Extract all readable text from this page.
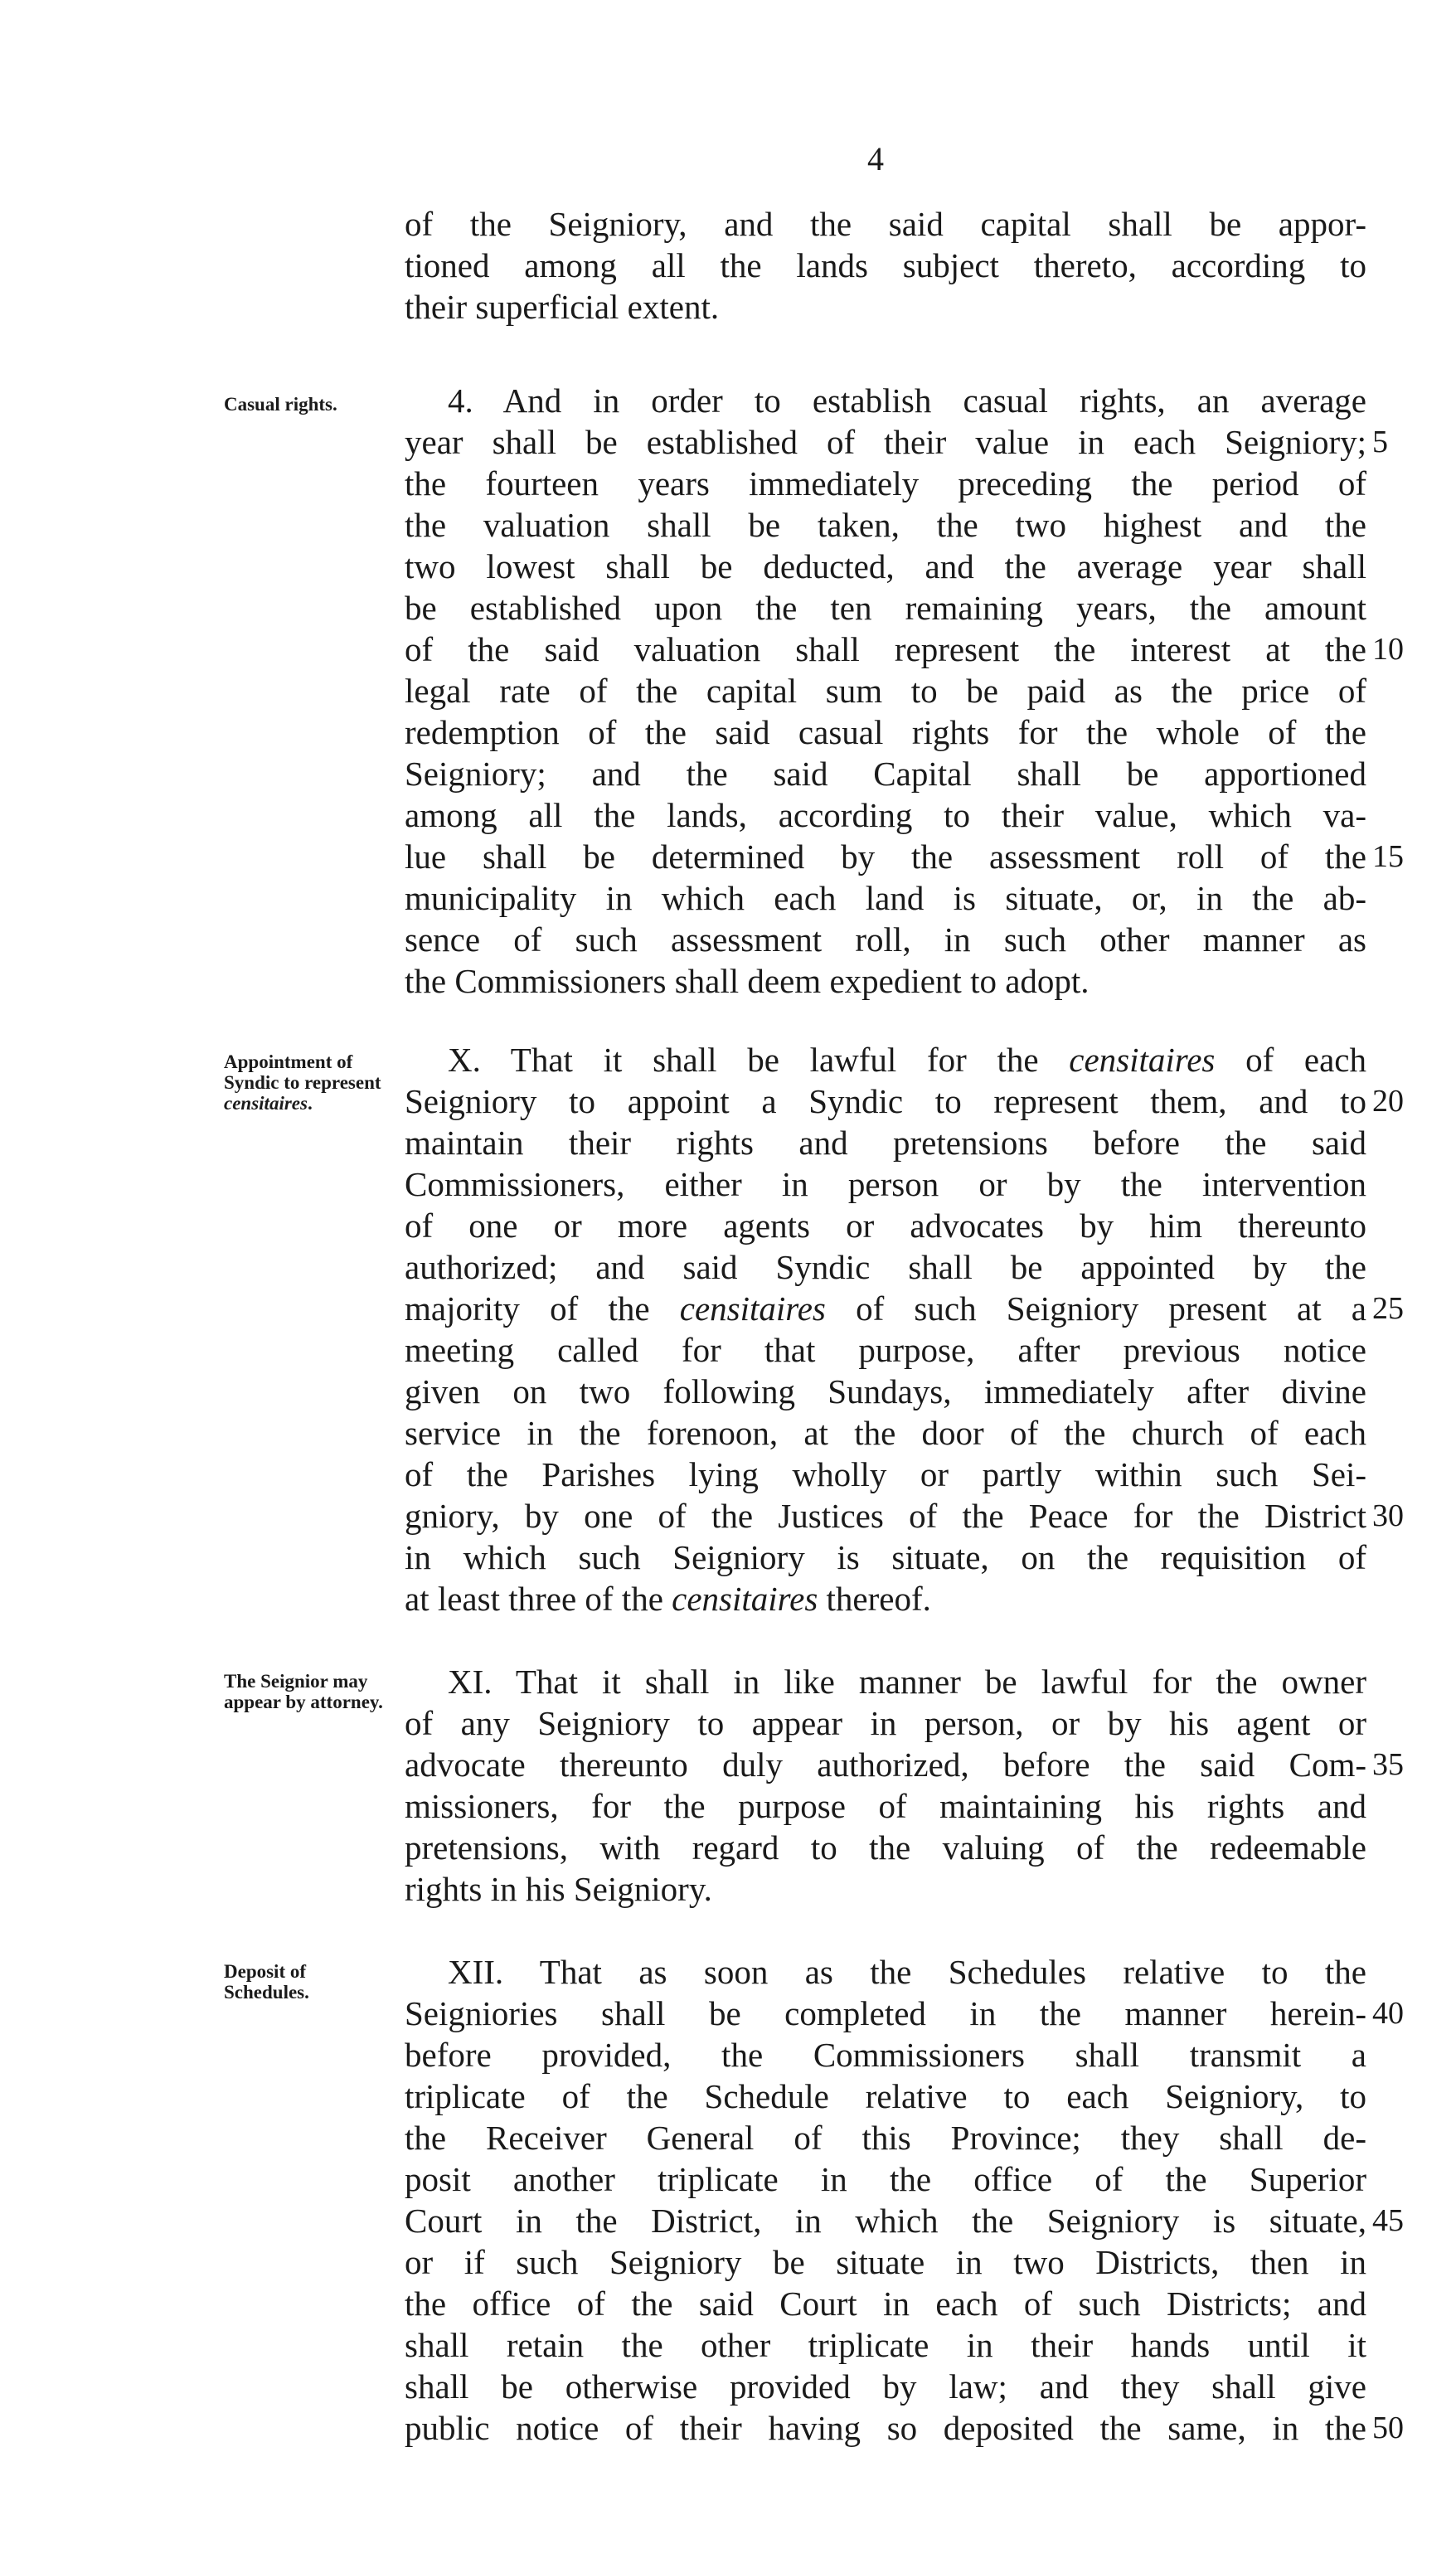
4
of the Seigniory, and the said capital shall be appor-
tioned among all the lands subject thereto, according to
their superficial extent.
Casual rights.	4. And in order to establish casual rights, an average
year shall be established of their value in each Seigniory;
the fourteen years immediately preceding the period of
the valuation shall be taken, the two highest and the
two lowest shall be deducted, and the average year shall
be established upon the ten remaining years, the amount
of the said valuation shall represent the interest at the
legal rate of the capital sum to be paid as the price of
redemption of the said casual rights for the whole of the
Seigniory; and the said Capital shall be apportioned
among all the lands, according to their value, which va-
lue shall be determined by the assessment roll of the
municipality in which each land is situate, or, in the ab-
sence of such assessment roll, in such other manner as
the Commissioners shall deem expedient to adopt.
Appointment of Syndic to represent censitaires.
X. That it shall be lawful for the censitaires of each
Seigniory to appoint a Syndic to represent them, and to
maintain their rights and pretensions before the said
Commissioners, either in person or by the intervention
of one or more agents or advocates by him thereunto
authorized; and said Syndic shall be appointed by the
majority of the censitaires of such Seigniory present at a
meeting called for that purpose, after previous notice
given on two following Sundays, immediately after divine
service in the forenoon, at the door of the church of each
of the Parishes lying wholly or partly within such Sei-
gniory, by one of the Justices of the Peace for the District
in which such Seigniory is situate, on the requisition of
at least three of the censitaires thereof.
The Seignior may appear by attorney.
XI. That it shall in like manner be lawful for the owner
of any Seigniory to appear in person, or by his agent or
advocate thereunto duly authorized, before the said Com-
missioners, for the purpose of maintaining his rights and
pretensions, with regard to the valuing of the redeemable
rights in his Seigniory.
Deposit of Schedules.
XII. That as soon as the Schedules relative to the
Seigniories shall be completed in the manner herein-
before provided, the Commissioners shall transmit a
triplicate of the Schedule relative to each Seigniory, to
the Receiver General of this Province; they shall de-
posit another triplicate in the office of the Superior
Court in the District, in which the Seigniory is situate,
or if such Seigniory be situate in two Districts, then in
the office of the said Court in each of such Districts; and
shall retain the other triplicate in their hands until it
shall be otherwise provided by law; and they shall give
public notice of their having so deposited the same, in the
5
10
15
20
25
30
35
40
45
50
